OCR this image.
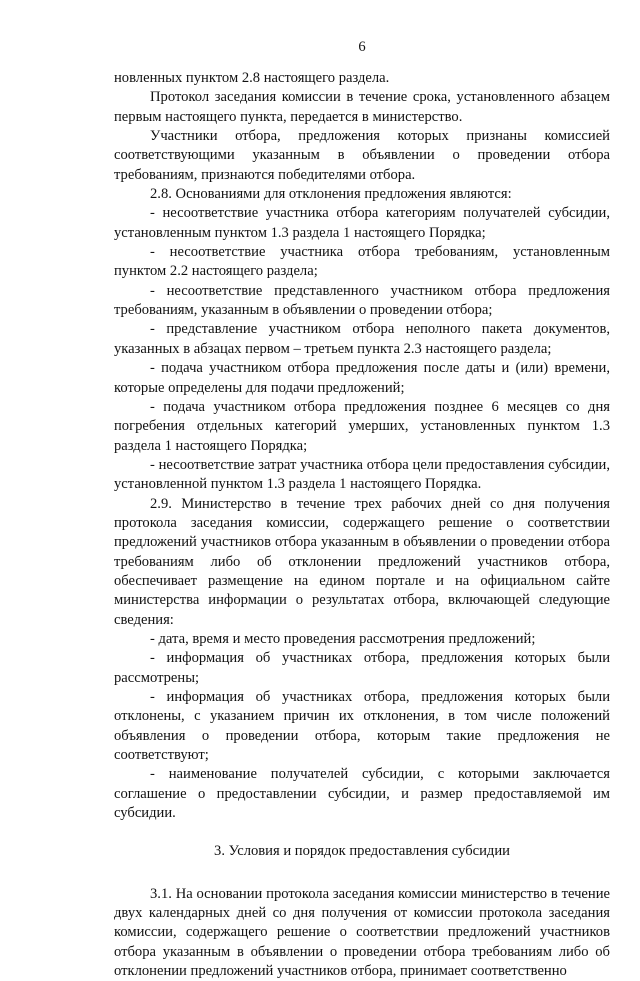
6

новленных пунктом 2.8 настоящего раздела.

Протокол заседания комиссии в течение срока, установленного абзацем первым настоящего пункта, передается в министерство.

Участники отбора, предложения которых признаны комиссией соответствующими указанным в объявлении о проведении отбора требованиям, признаются победителями отбора.

2.8. Основаниями для отклонения предложения являются:

- несоответствие участника отбора категориям получателей субсидии, установленным пунктом 1.3 раздела 1 настоящего Порядка;

- несоответствие участника отбора требованиям, установленным пунктом 2.2 настоящего раздела;

- несоответствие представленного участником отбора предложения требованиям, указанным в объявлении о проведении отбора;

- представление участником отбора неполного пакета документов, указанных в абзацах первом – третьем пункта 2.3 настоящего раздела;

- подача участником отбора предложения после даты и (или) времени, которые определены для подачи предложений;

- подача участником отбора предложения позднее 6 месяцев со дня погребения отдельных категорий умерших, установленных пунктом 1.3 раздела 1 настоящего Порядка;

- несоответствие затрат участника отбора цели предоставления субсидии, установленной пунктом 1.3 раздела 1 настоящего Порядка.

2.9. Министерство в течение трех рабочих дней со дня получения протокола заседания комиссии, содержащего решение о соответствии предложений участников отбора указанным в объявлении о проведении отбора требованиям либо об отклонении предложений участников отбора, обеспечивает размещение на едином портале и на официальном сайте министерства информации о результатах отбора, включающей следующие сведения:

- дата, время и место проведения рассмотрения предложений;

- информация об участниках отбора, предложения которых были рассмотрены;

- информация об участниках отбора, предложения которых были отклонены, с указанием причин их отклонения, в том числе положений объявления о проведении отбора, которым такие предложения не соответствуют;

- наименование получателей субсидии, с которыми заключается соглашение о предоставлении субсидии, и размер предоставляемой им субсидии.

3. Условия и порядок предоставления субсидии

3.1. На основании протокола заседания комиссии министерство в течение двух календарных дней со дня получения от комиссии протокола заседания комиссии, содержащего решение о соответствии предложений участников отбора указанным в объявлении о проведении отбора требованиям либо об отклонении предложений участников отбора, принимает соответственно
